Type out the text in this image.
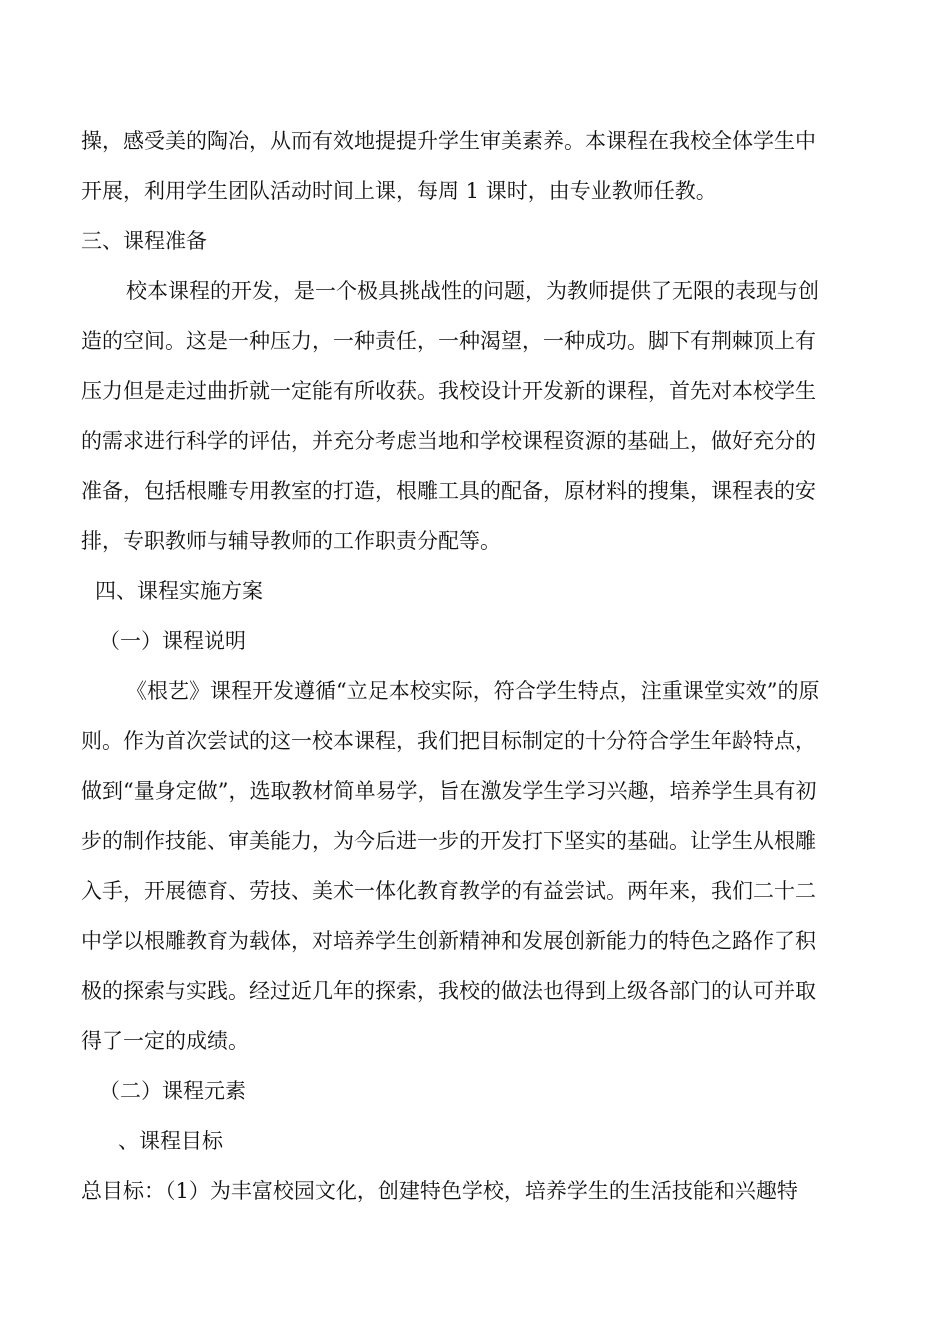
操，感受美的陶冶，从而有效地提提升学生审美素养。本课程在我校全体学生中
开展，利用学生团队活动时间上课，每周 1 课时，由专业教师任教。
三、课程准备
校本课程的开发，是一个极具挑战性的问题，为教师提供了无限的表现与创
造的空间。这是一种压力，一种责任，一种渴望，一种成功。脚下有荆棘顶上有
压力但是走过曲折就一定能有所收获。我校设计开发新的课程，首先对本校学生
的需求进行科学的评估，并充分考虑当地和学校课程资源的基础上，做好充分的
准备，包括根雕专用教室的打造，根雕工具的配备，原材料的搜集，课程表的安
排，专职教师与辅导教师的工作职责分配等。
四、课程实施方案
（一）课程说明
《根艺》课程开发遵循“立足本校实际，符合学生特点，注重课堂实效”的原
则。作为首次尝试的这一校本课程，我们把目标制定的十分符合学生年龄特点，
做到“量身定做”，选取教材简单易学，旨在激发学生学习兴趣，培养学生具有初
步的制作技能、审美能力，为今后进一步的开发打下坚实的基础。让学生从根雕
入手，开展德育、劳技、美术一体化教育教学的有益尝试。两年来，我们二十二
中学以根雕教育为载体，对培养学生创新精神和发展创新能力的特色之路作了积
极的探索与实践。经过近几年的探索，我校的做法也得到上级各部门的认可并取
得了一定的成绩。
（二）课程元素
、课程目标
总目标：（1）为丰富校园文化，创建特色学校，培养学生的生活技能和兴趣特
